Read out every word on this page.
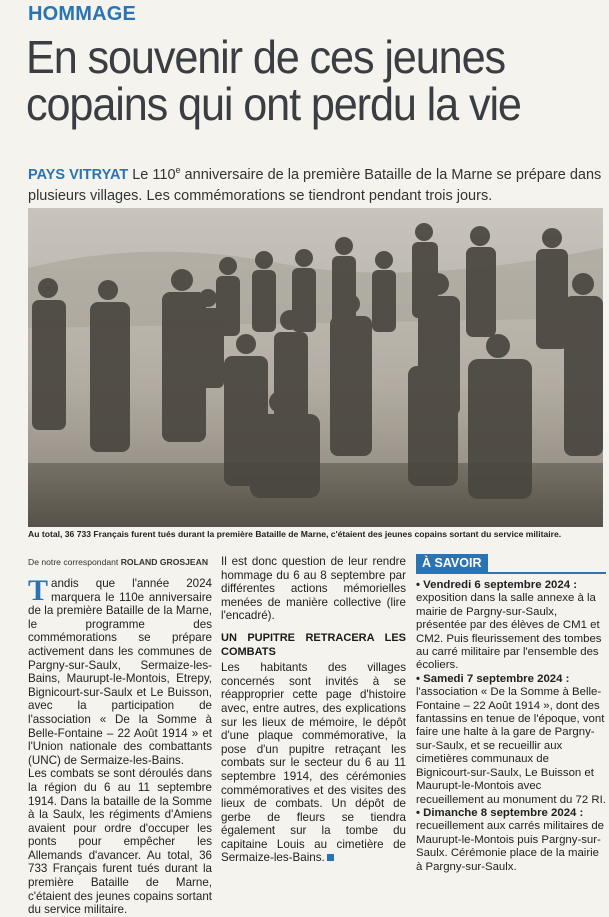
HOMMAGE
En souvenir de ces jeunes copains qui ont perdu la vie
PAYS VITRYAT Le 110e anniversaire de la première Bataille de la Marne se prépare dans plusieurs villages. Les commémorations se tiendront pendant trois jours.
Au total, 36 733 Français furent tués durant la première Bataille de Marne, c'étaient des jeunes copains sortant du service militaire.
De notre correspondant ROLAND GROSJEAN

Tandis que l'année 2024 marquera le 110e anniversaire de la première Bataille de la Marne, le programme des commémorations se prépare activement dans les communes de Pargny-sur-Saulx, Sermaize-les-Bains, Maurupt-le-Montois, Etrepy, Bignicourt-sur-Saulx et Le Buisson, avec la participation de l'association « De la Somme à Belle-Fontaine – 22 Août 1914 » et l'Union nationale des combattants (UNC) de Sermaize-les-Bains.

Les combats se sont déroulés dans la région du 6 au 11 septembre 1914. Dans la bataille de la Somme à la Saulx, les régiments d'Amiens avaient pour ordre d'occuper les ponts pour empêcher les Allemands d'avancer. Au total, 36 733 Français furent tués durant la première Bataille de Marne, c'étaient des jeunes copains sortant du service militaire.

Il est donc question de leur rendre hommage du 6 au 8 septembre par différentes actions mémorielles menées de manière collective (lire l'encadré).

UN PUPITRE RETRACERA LES COMBATS

Les habitants des villages concernés sont invités à se réapproprier cette page d'histoire avec, entre autres, des explications sur les lieux de mémoire, le dépôt d'une plaque commémorative, la pose d'un pupitre retraçant les combats sur le secteur du 6 au 11 septembre 1914, des cérémonies commémoratives et des visites des lieux de combats. Un dépôt de gerbe de fleurs se tiendra également sur la tombe du capitaine Louis au cimetière de Sermaize-les-Bains.

À SAVOIR

• Vendredi 6 septembre 2024 : exposition dans la salle annexe à la mairie de Pargny-sur-Saulx, présentée par des élèves de CM1 et CM2. Puis fleurissement des tombes au carré militaire par l'ensemble des écoliers.

• Samedi 7 septembre 2024 : l'association « De la Somme à Belle-Fontaine – 22 Août 1914 », dont des fantassins en tenue de l'époque, vont faire une halte à la gare de Pargny-sur-Saulx, et se recueillir aux cimetières communaux de Bignicourt-sur-Saulx, Le Buisson et Maurupt-le-Montois avec recueillement au monument du 72 RI.

• Dimanche 8 septembre 2024 : recueillement aux carrés militaires de Maurupt-le-Montois puis Pargny-sur-Saulx. Cérémonie place de la mairie à Pargny-sur-Saulx.
